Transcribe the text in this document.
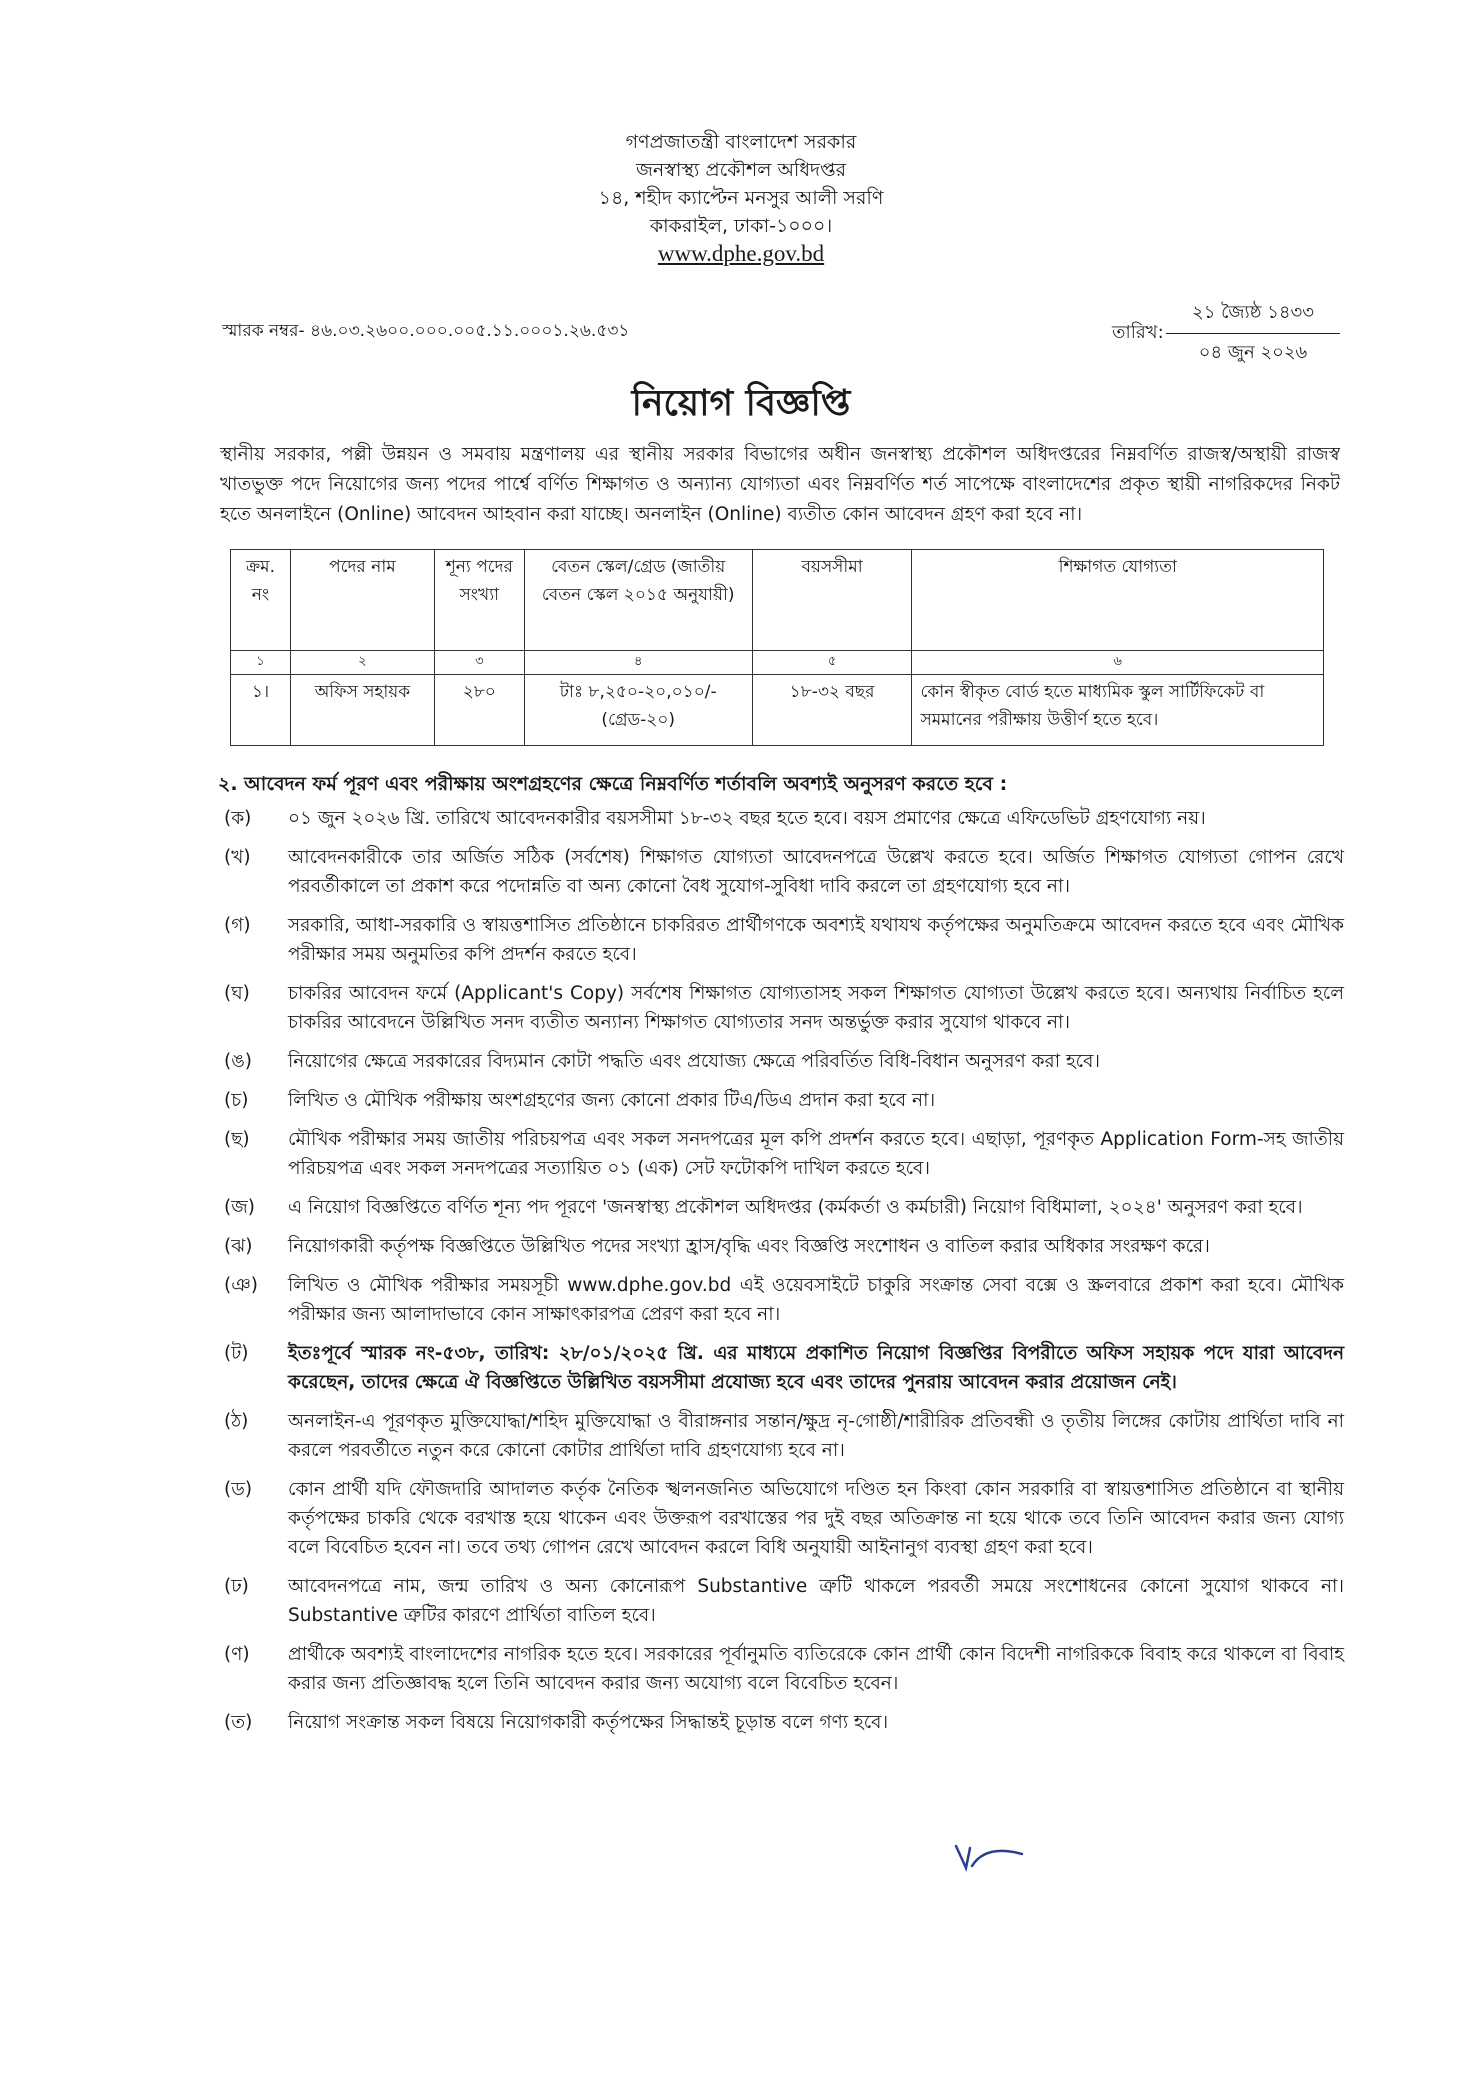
গণপ্রজাতন্ত্রী বাংলাদেশ সরকার
জনস্বাস্থ্য প্রকৌশল অধিদপ্তর
১৪, শহীদ ক্যাপ্টেন মনসুর আলী সরণি
কাকরাইল, ঢাকা-১০০০।
www.dphe.gov.bd
স্মারক নম্বর- ৪৬.০৩.২৬০০.০০০.০০৫.১১.০০০১.২৬.৫৩১	তারিখ:
২১ জ্যৈষ্ঠ ১৪৩৩
০৪ জুন ২০২৬
নিয়োগ বিজ্ঞপ্তি
স্থানীয় সরকার, পল্লী উন্নয়ন ও সমবায় মন্ত্রণালয় এর স্থানীয় সরকার বিভাগের অধীন জনস্বাস্থ্য প্রকৌশল অধিদপ্তরের নিম্নবর্ণিত রাজস্ব/অস্থায়ী রাজস্ব খাতভুক্ত পদে নিয়োগের জন্য পদের পার্শ্বে বর্ণিত শিক্ষাগত ও অন্যান্য যোগ্যতা এবং নিম্নবর্ণিত শর্ত সাপেক্ষে বাংলাদেশের প্রকৃত স্থায়ী নাগরিকদের নিকট হতে অনলাইনে (Online) আবেদন আহবান করা যাচ্ছে। অনলাইন (Online) ব্যতীত কোন আবেদন গ্রহণ করা হবে না।
ক্রম. নং	পদের নাম	শূন্য পদের সংখ্যা	বেতন স্কেল/গ্রেড (জাতীয় বেতন স্কেল ২০১৫ অনুযায়ী)	বয়সসীমা	শিক্ষাগত যোগ্যতা
১	২	৩	৪	৫	৬
১।	অফিস সহায়ক	২৮০	টাঃ ৮,২৫০-২০,০১০/- (গ্রেড-২০)	১৮-৩২ বছর	কোন স্বীকৃত বোর্ড হতে মাধ্যমিক স্কুল সার্টিফিকেট বা সমমানের পরীক্ষায় উত্তীর্ণ হতে হবে।
২. আবেদন ফর্ম পূরণ এবং পরীক্ষায় অংশগ্রহণের ক্ষেত্রে নিম্নবর্ণিত শর্তাবলি অবশ্যই অনুসরণ করতে হবে :
(ক)	০১ জুন ২০২৬ খ্রি. তারিখে আবেদনকারীর বয়সসীমা ১৮-৩২ বছর হতে হবে। বয়স প্রমাণের ক্ষেত্রে এফিডেভিট গ্রহণযোগ্য নয়।
(খ)	আবেদনকারীকে তার অর্জিত সঠিক (সর্বশেষ) শিক্ষাগত যোগ্যতা আবেদনপত্রে উল্লেখ করতে হবে। অর্জিত শিক্ষাগত যোগ্যতা গোপন রেখে পরবর্তীকালে তা প্রকাশ করে পদোন্নতি বা অন্য কোনো বৈধ সুযোগ-সুবিধা দাবি করলে তা গ্রহণযোগ্য হবে না।
(গ)	সরকারি, আধা-সরকারি ও স্বায়ত্তশাসিত প্রতিষ্ঠানে চাকরিরত প্রার্থীগণকে অবশ্যই যথাযথ কর্তৃপক্ষের অনুমতিক্রমে আবেদন করতে হবে এবং মৌখিক পরীক্ষার সময় অনুমতির কপি প্রদর্শন করতে হবে।
(ঘ)	চাকরির আবেদন ফর্মে (Applicant's Copy) সর্বশেষ শিক্ষাগত যোগ্যতাসহ সকল শিক্ষাগত যোগ্যতা উল্লেখ করতে হবে। অন্যথায় নির্বাচিত হলে চাকরির আবেদনে উল্লিখিত সনদ ব্যতীত অন্যান্য শিক্ষাগত যোগ্যতার সনদ অন্তর্ভুক্ত করার সুযোগ থাকবে না।
(ঙ)	নিয়োগের ক্ষেত্রে সরকারের বিদ্যমান কোটা পদ্ধতি এবং প্রযোজ্য ক্ষেত্রে পরিবর্তিত বিধি-বিধান অনুসরণ করা হবে।
(চ)	লিখিত ও মৌখিক পরীক্ষায় অংশগ্রহণের জন্য কোনো প্রকার টিএ/ডিএ প্রদান করা হবে না।
(ছ)	মৌখিক পরীক্ষার সময় জাতীয় পরিচয়পত্র এবং সকল সনদপত্রের মূল কপি প্রদর্শন করতে হবে। এছাড়া, পূরণকৃত Application Form-সহ জাতীয় পরিচয়পত্র এবং সকল সনদপত্রের সত্যায়িত ০১ (এক) সেট ফটোকপি দাখিল করতে হবে।
(জ)	এ নিয়োগ বিজ্ঞপ্তিতে বর্ণিত শূন্য পদ পূরণে 'জনস্বাস্থ্য প্রকৌশল অধিদপ্তর (কর্মকর্তা ও কর্মচারী) নিয়োগ বিধিমালা, ২০২৪' অনুসরণ করা হবে।
(ঝ)	নিয়োগকারী কর্তৃপক্ষ বিজ্ঞপ্তিতে উল্লিখিত পদের সংখ্যা হ্রাস/বৃদ্ধি এবং বিজ্ঞপ্তি সংশোধন ও বাতিল করার অধিকার সংরক্ষণ করে।
(ঞ)	লিখিত ও মৌখিক পরীক্ষার সময়সূচী www.dphe.gov.bd এই ওয়েবসাইটে চাকুরি সংক্রান্ত সেবা বক্সে ও স্ক্রলবারে প্রকাশ করা হবে। মৌখিক পরীক্ষার জন্য আলাদাভাবে কোন সাক্ষাৎকারপত্র প্রেরণ করা হবে না।
(ট)	ইতঃপূর্বে স্মারক নং-৫৩৮, তারিখ: ২৮/০১/২০২৫ খ্রি. এর মাধ্যমে প্রকাশিত নিয়োগ বিজ্ঞপ্তির বিপরীতে অফিস সহায়ক পদে যারা আবেদন করেছেন, তাদের ক্ষেত্রে ঐ বিজ্ঞপ্তিতে উল্লিখিত বয়সসীমা প্রযোজ্য হবে এবং তাদের পুনরায় আবেদন করার প্রয়োজন নেই।
(ঠ)	অনলাইন-এ পূরণকৃত মুক্তিযোদ্ধা/শহিদ মুক্তিযোদ্ধা ও বীরাঙ্গনার সন্তান/ক্ষুদ্র নৃ-গোষ্ঠী/শারীরিক প্রতিবন্ধী ও তৃতীয় লিঙ্গের কোটায় প্রার্থিতা দাবি না করলে পরবর্তীতে নতুন করে কোনো কোটার প্রার্থিতা দাবি গ্রহণযোগ্য হবে না।
(ড)	কোন প্রার্থী যদি ফৌজদারি আদালত কর্তৃক নৈতিক স্খলনজনিত অভিযোগে দণ্ডিত হন কিংবা কোন সরকারি বা স্বায়ত্তশাসিত প্রতিষ্ঠানে বা স্থানীয় কর্তৃপক্ষের চাকরি থেকে বরখাস্ত হয়ে থাকেন এবং উক্তরূপ বরখাস্তের পর দুই বছর অতিক্রান্ত না হয়ে থাকে তবে তিনি আবেদন করার জন্য যোগ্য বলে বিবেচিত হবেন না। তবে তথ্য গোপন রেখে আবেদন করলে বিধি অনুযায়ী আইনানুগ ব্যবস্থা গ্রহণ করা হবে।
(ঢ)	আবেদনপত্রে নাম, জন্ম তারিখ ও অন্য কোনোরূপ Substantive ত্রুটি থাকলে পরবর্তী সময়ে সংশোধনের কোনো সুযোগ থাকবে না। Substantive ত্রুটির কারণে প্রার্থিতা বাতিল হবে।
(ণ)	প্রার্থীকে অবশ্যই বাংলাদেশের নাগরিক হতে হবে। সরকারের পূর্বানুমতি ব্যতিরেকে কোন প্রার্থী কোন বিদেশী নাগরিককে বিবাহ করে থাকলে বা বিবাহ করার জন্য প্রতিজ্ঞাবদ্ধ হলে তিনি আবেদন করার জন্য অযোগ্য বলে বিবেচিত হবেন।
(ত)	নিয়োগ সংক্রান্ত সকল বিষয়ে নিয়োগকারী কর্তৃপক্ষের সিদ্ধান্তই চূড়ান্ত বলে গণ্য হবে।
